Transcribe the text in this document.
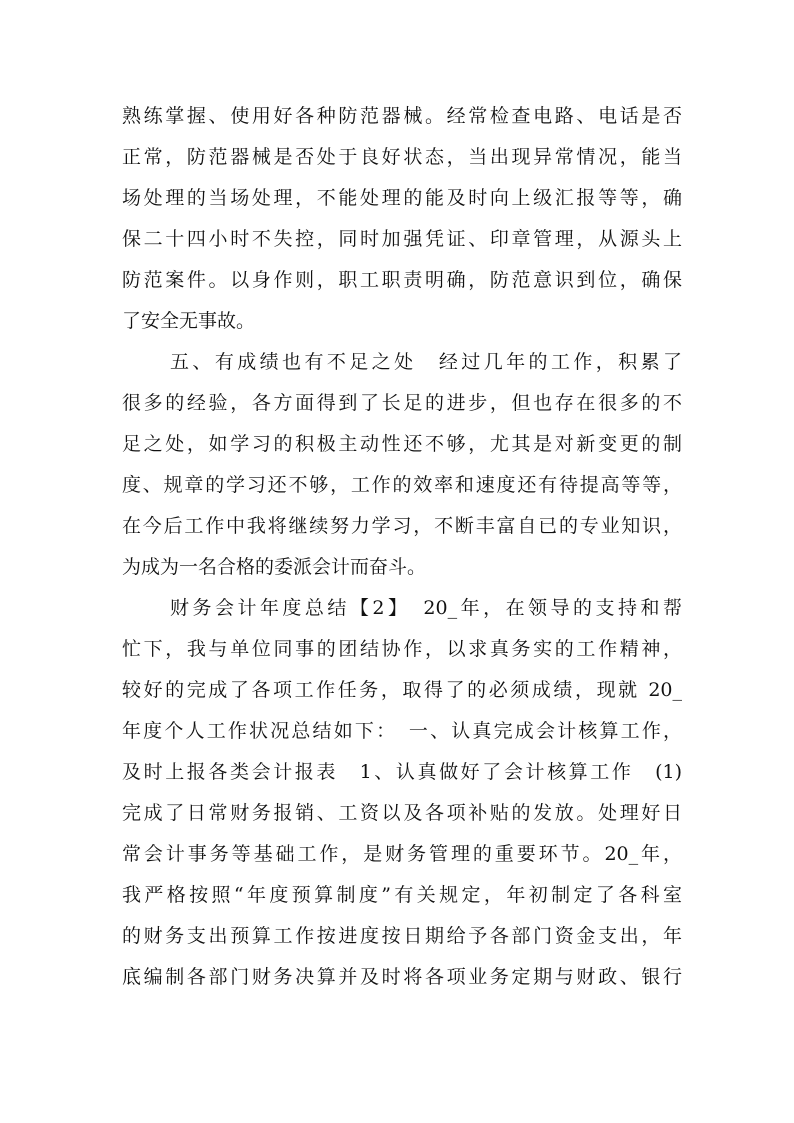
熟练掌握、使用好各种防范器械。经常检查电路、电话是否
正常，防范器械是否处于良好状态，当出现异常情况，能当
场处理的当场处理，不能处理的能及时向上级汇报等等，确
保二十四小时不失控，同时加强凭证、印章管理，从源头上
防范案件。以身作则，职工职责明确，防范意识到位，确保
了安全无事故。
五、有成绩也有不足之处　经过几年的工作，积累了
很多的经验，各方面得到了长足的进步，但也存在很多的不
足之处，如学习的积极主动性还不够，尤其是对新变更的制
度、规章的学习还不够，工作的效率和速度还有待提高等等，
在今后工作中我将继续努力学习，不断丰富自已的专业知识，
为成为一名合格的委派会计而奋斗。
财务会计年度总结【2】　20_年，在领导的支持和帮
忙下，我与单位同事的团结协作，以求真务实的工作精神，
较好的完成了各项工作任务，取得了的必须成绩，现就 20_
年度个人工作状况总结如下：　一、认真完成会计核算工作，
及时上报各类会计报表　1、认真做好了会计核算工作　(1)
完成了日常财务报销、工资以及各项补贴的发放。处理好日
常会计事务等基础工作，是财务管理的重要环节。20_年，
我严格按照“年度预算制度”有关规定，年初制定了各科室
的财务支出预算工作按进度按日期给予各部门资金支出，年
底编制各部门财务决算并及时将各项业务定期与财政、银行
